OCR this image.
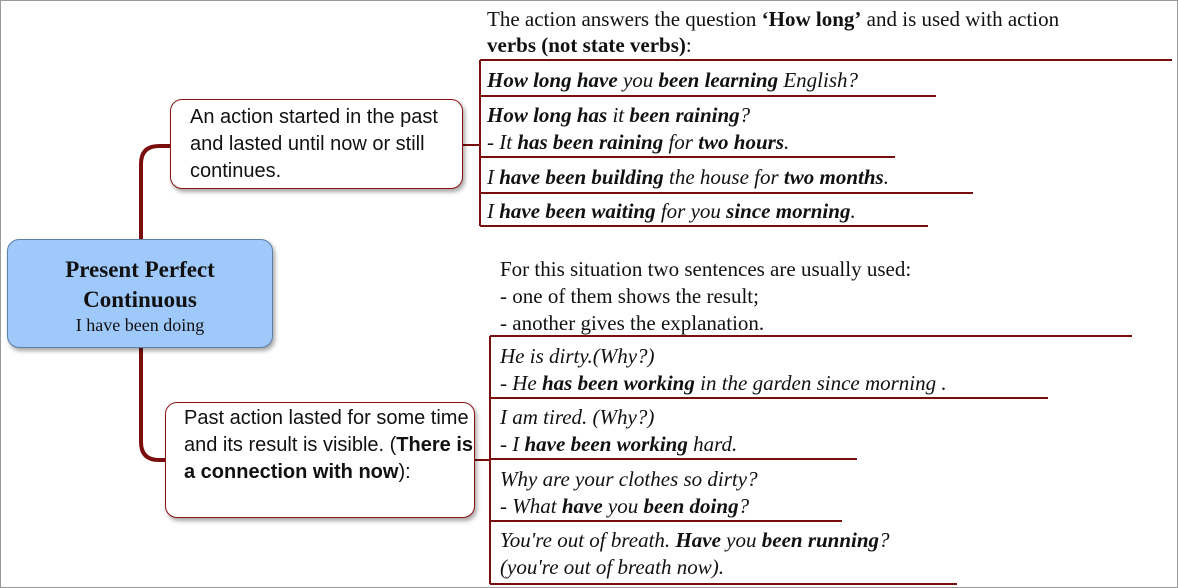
Present Perfect Continuous
I have been doing
An action started in the past and lasted until now or still continues.
Past action lasted for some time and its result is visible. (There is a connection with now):
The action answers the question ‘How long’ and is used with action
verbs (not state verbs):
How long have you been learning English?
How long has it been raining?
- It has been raining for two hours.
I have been building the house for two months.
I have been waiting for you since morning.
For this situation two sentences are usually used:
- one of them shows the result;
- another gives the explanation.
He is dirty.(Why?)
- He has been working in the garden since morning .
I am tired. (Why?)
- I have been working hard.
Why are your clothes so dirty?
- What have you been doing?
You're out of breath. Have you been running?
(you're out of breath now).
